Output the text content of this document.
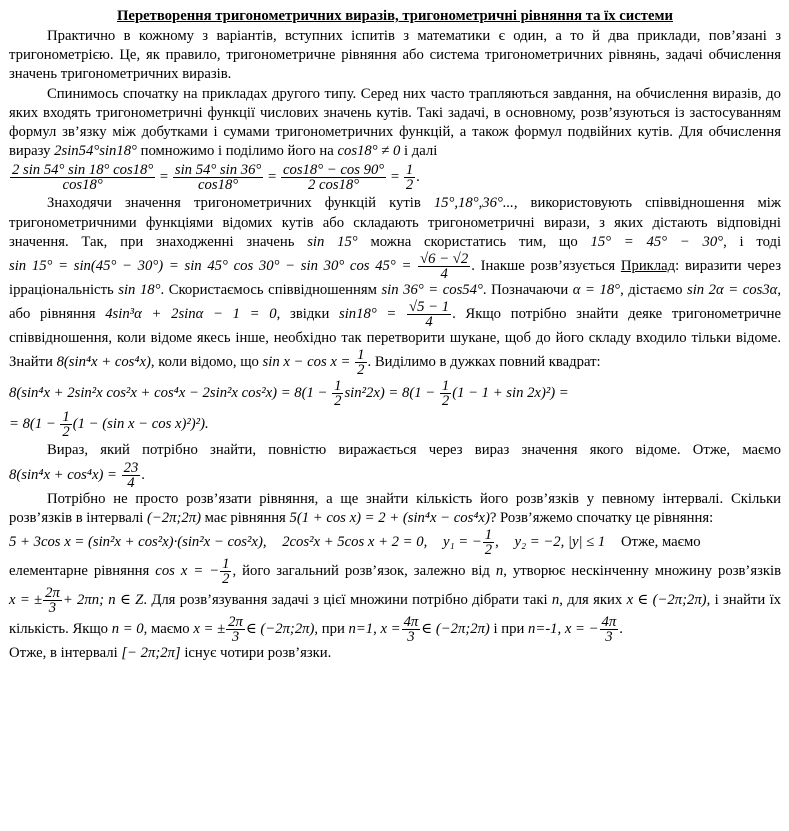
Перетворення тригонометричних виразів, тригонометричні рівняння та їх системи

Практично в кожному з варіантів, вступних іспитів з математики є один, а то й два приклади, пов’язані з тригонометрією. Це, як правило, тригонометричне рівняння або система тригонометричних рівнянь, задачі обчислення значень тригонометричних виразів.

Спинимось спочатку на прикладах другого типу. Серед них часто трапляються завдання, на обчислення виразів, до яких входять тригонометричні функції числових значень кутів. Такі задачі, в основному, розв’язуються із застосуванням формул зв’язку між добутками і сумами тригонометричних функцій, а також формул подвійних кутів. Для обчислення виразу 2sin54°sin18° помножимо і поділимо його на cos18° ≠ 0 і далі

$\frac{2 \sin 54^\circ \sin 18^\circ \cos 18^\circ}{\cos 18^\circ} = \frac{\sin 54^\circ \sin 36^\circ}{\cos 18^\circ} = \frac{\cos 18^\circ - \cos 90^\circ}{2 \cos 18^\circ} = \frac{1}{2}$ .

Знаходячи значення тригонометричних функцій кутів 15°,18°,36°..., використовують співвідношення між тригонометричними функціями відомих кутів або складають тригонометричні вирази, з яких дістають відповідні значення. Так, при знаходженні значень sin 15° можна скористатись тим, що 15° = 45° − 30°, і тоді sin 15° = sin(45° − 30°) = sin 45° cos 30° − sin 30° $\cos 45^\circ = \frac{√6 - √2}{4}$ . Інакше розв’язується Приклад: виразити через ірраціональність sin 18°. Скористаємось співвідношенням sin 36° = cos54°. Позначаючи α = 18°, дістаємо sin 2α = cos3α, або рівняння 4sin³α + 2sinα − 1 = 0, звідки $\sin 18^\circ = \frac{√5 - 1}{4}$ . Якщо потрібно знайти деяке тригонометричне співвідношення, коли відоме якесь інше, необхідно так перетворити шукане, щоб до його складу входило тільки відоме. Знайти 8(sin⁴x + cos⁴x), коли відомо, що $\sin x - \cos x = \frac{1}{2}$ . Виділимо в дужках повний квадрат:

8(sin⁴x + 2sin²x cos²x + cos⁴x − 2sin²x $\cos^2x) = 8(1 - \frac{1}{2} \sin^22x) = 8(1 - \frac{1}{2} (1 - 1 + \sin 2x)^2)$ =

= $8(1 - \frac{1}{2} (1 - (\sin$ x − cos x)²)²).

Вираз, який потрібно знайти, повністю виражається через вираз значення якого відоме. Отже, маємо $8(\sin^4x + \cos^4x) = \frac{23}{4}$ .

Потрібно не просто розв’язати рівняння, а ще знайти кількість його розв’язків у певному інтервалі. Скільки розв’язків в інтервалі (−2π;2π) має рівняння 5(1 + cos x) = 2 + (sin⁴x − cos⁴x)? Розв’яжемо спочатку це рівняння:

5 + 3cos x = (sin²x + cos²x)·(sin²x − cos²x), 2cos²x + 5cos x + 2 = 0, y₁ = − $\frac{1}{2}$ , y₂ = −2, |y| ≤ 1 Отже, маємо

елементарне рівняння cos x = − $\frac{1}{2}$ , його загальний розв’язок, залежно від n, утворює нескінченну множину розв’язків x = ± $\frac{2\pi}{3} + 2\pi n$; n ∈ Z. Для розв’язування задачі з цієї множини потрібно дібрати такі n, для яких x ∈ (−2π;2π), і знайти їх кількість. Якщо n = 0, маємо x = ± $\frac{2\pi}{3}$ ∈ (−2π;2π), при n=1, $x = \frac{4\pi}{3}$ ∈ (−2π;2π) і при n=-1, x = − $\frac{4\pi}{3}$ .

Отже, в інтервалі [− 2π;2π] існує чотири розв’язки.
